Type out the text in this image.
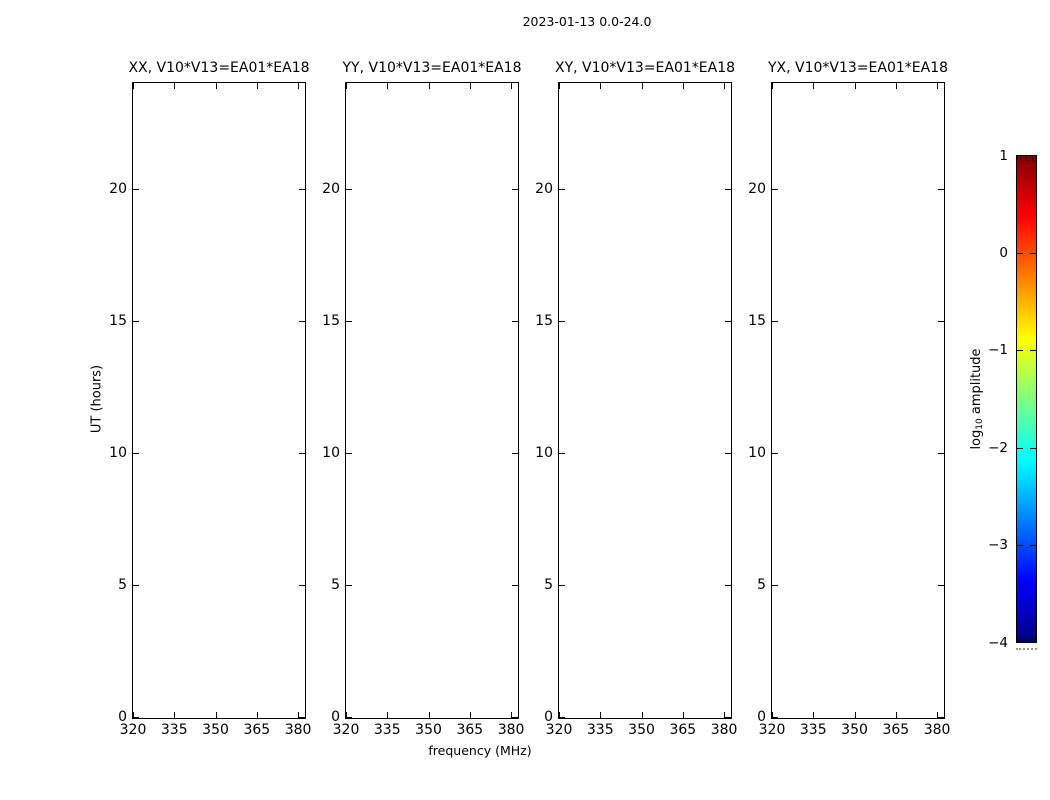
2023-01-13 0.0-24.0
UT (hours)
frequency (MHz)
XX, V10*V13=EA01*EA18
320	335	350	365	380
0
5
10
15
20
YY, V10*V13=EA01*EA18
320	335	350	365	380
0
5
10
15
20
XY, V10*V13=EA01*EA18
320	335	350	365	380
0
5
10
15
20
YX, V10*V13=EA01*EA18
320	335	350	365	380
0
5
10
15
20
$\log_{10}$ amplitude
1
0
−1
−2
−3
−4
